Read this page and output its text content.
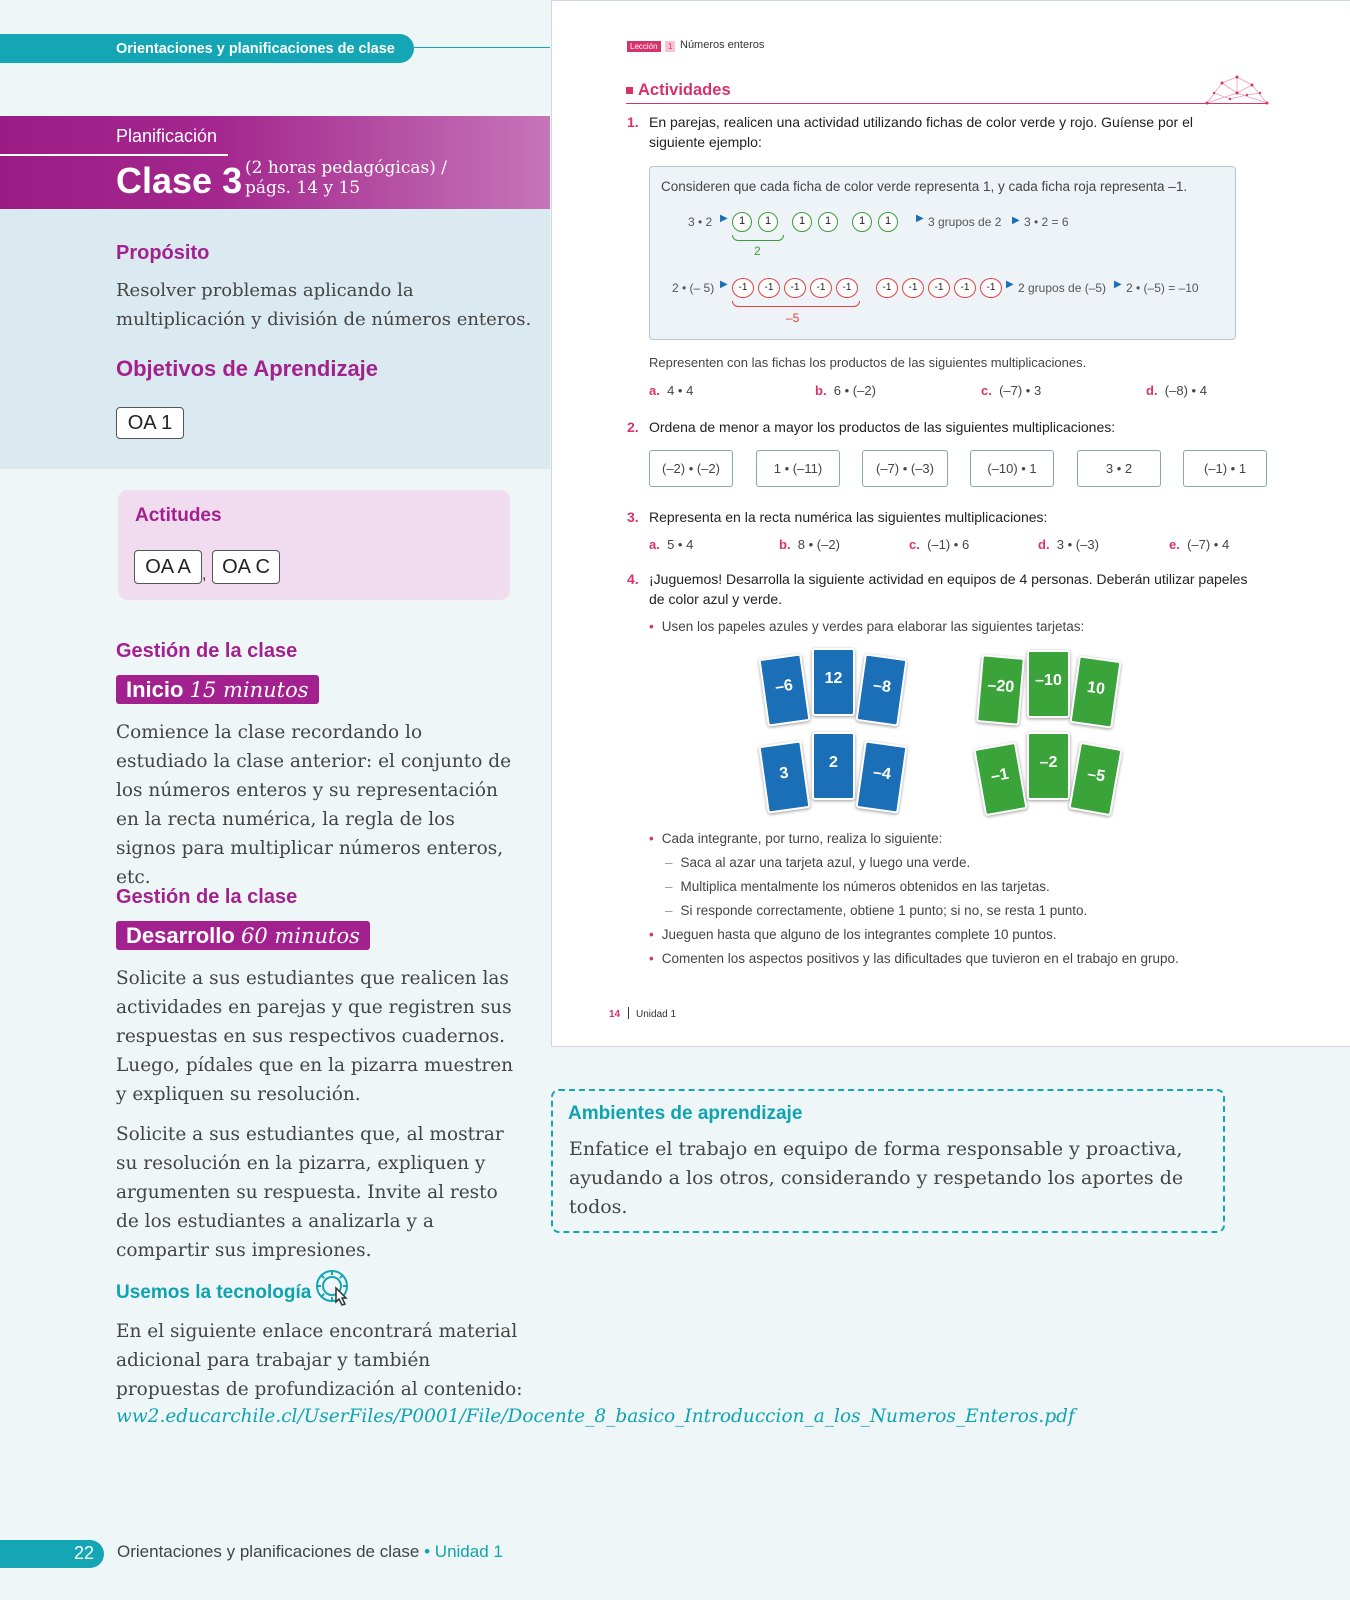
Orientaciones y planificaciones de clase
Planificación
Clase 3 (2 horas pedagógicas) /
págs. 14 y 15
Propósito
Resolver problemas aplicando la multiplicación y división de números enteros.
Objetivos de Aprendizaje
OA 1
Actitudes
OA A , OA C
Gestión de la clase
Inicio 15 minutos
Comience la clase recordando lo estudiado la clase anterior: el conjunto de los números enteros y su representación en la recta numérica, la regla de los signos para multiplicar números enteros, etc.
Gestión de la clase
Desarrollo 60 minutos
Solicite a sus estudiantes que realicen las actividades en parejas y que registren sus respuestas en sus respectivos cuadernos. Luego, pídales que en la pizarra muestren y expliquen su resolución.
Solicite a sus estudiantes que, al mostrar su resolución en la pizarra, expliquen y argumenten su respuesta. Invite al resto de los estudiantes a analizarla y a compartir sus impresiones.
Usemos la tecnología
En el siguiente enlace encontrará material adicional para trabajar y también propuestas de profundización al contenido:
ww2.educarchile.cl/UserFiles/P0001/File/Docente_8_basico_Introduccion_a_los_Numeros_Enteros.pdf
22	Orientaciones y planificaciones de clase • Unidad 1
Lección	1 Números enteros
Actividades
1. En parejas, realicen una actividad utilizando fichas de color verde y rojo. Guíense por el siguiente ejemplo:
Consideren que cada ficha de color verde representa 1, y cada ficha roja representa –1.
3 • 2 ▶	1 1	1 1	1 1
2
▶ 3 grupos de 2 ▶ 3 • 2 = 6
2 • (– 5) ▶	-1 -1 -1 -1 -1	-1 -1 -1 -1 -1
–5
▶ 2 grupos de (–5) ▶ 2 • (–5) = –10
Representen con las fichas los productos de las siguientes multiplicaciones.
a. 4 • 4	b. 6 • (–2)	c. (–7) • 3	d. (–8) • 4
2. Ordena de menor a mayor los productos de las siguientes multiplicaciones:
(–2) • (–2)	1 • (–11)	(–7) • (–3)	(–10) • 1	3 • 2	(–1) • 1
3. Representa en la recta numérica las siguientes multiplicaciones:
a. 5 • 4	b. 8 • (–2)	c. (–1) • 6	d. 3 • (–3)	e. (–7) • 4
4. ¡Juguemos! Desarrolla la siguiente actividad en equipos de 4 personas. Deberán utilizar papeles de color azul y verde.
• Usen los papeles azules y verdes para elaborar las siguientes tarjetas:
–6	12	–8
3
2
–4
–20	–10	10
–1
–2
–5
• Cada integrante, por turno, realiza lo siguiente:
– Saca al azar una tarjeta azul, y luego una verde.
– Multiplica mentalmente los números obtenidos en las tarjetas.
– Si responde correctamente, obtiene 1 punto; si no, se resta 1 punto.
• Jueguen hasta que alguno de los integrantes complete 10 puntos.
• Comenten los aspectos positivos y las dificultades que tuvieron en el trabajo en grupo.
14 Unidad 1
Ambientes de aprendizaje
Enfatice el trabajo en equipo de forma responsable y proactiva, ayudando a los otros, considerando y respetando los aportes de todos.
